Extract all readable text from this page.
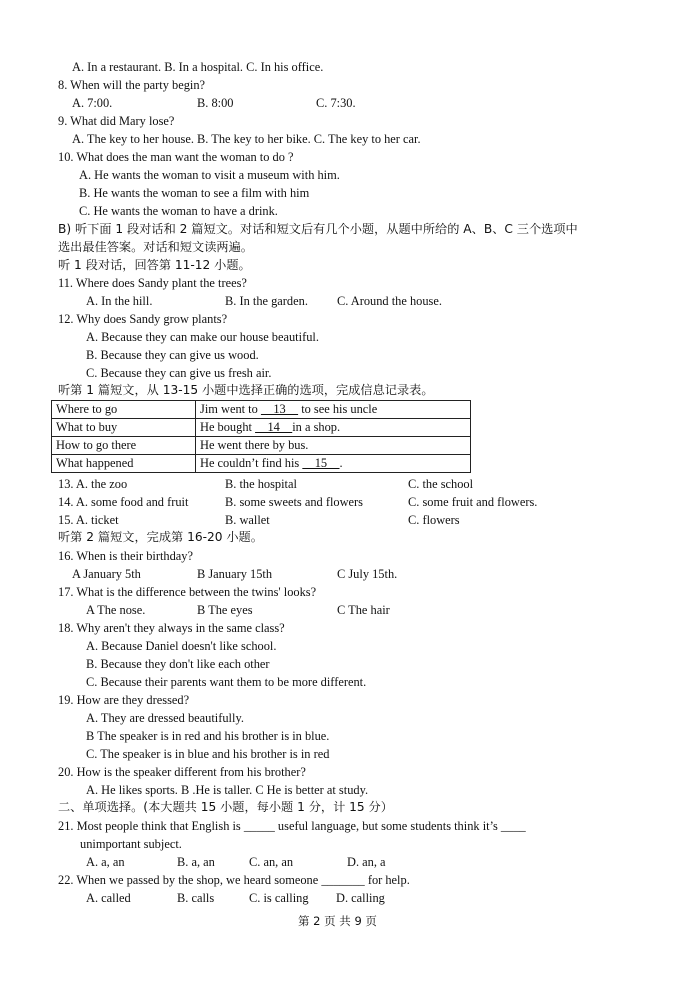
A. In a restaurant. B. In a hospital. C. In his office.
8. When will the party begin?
A. 7:00.	B. 8:00	C. 7:30.
9. What did Mary lose?
A. The key to her house. B. The key to her bike. C. The key to her car.
10. What does the man want the woman to do ?
A. He wants the woman to visit a museum with him.
B. He wants the woman to see a film with him
C. He wants the woman to have a drink.
B) 听下面 1 段对话和 2 篇短文。对话和短文后有几个小题，从题中所给的 A、B、C 三个选项中
选出最佳答案。对话和短文读两遍。
听 1 段对话，回答第 11-12 小题。
11. Where does Sandy plant the trees?
A. In the hill.	B. In the garden. C. Around the house.
12. Why does Sandy grow plants?
A. Because they can make our house beautiful.
B. Because they can give us wood.
C. Because they can give us fresh air.
听第 1 篇短文，从 13-15 小题中选择正确的选项，完成信息记录表。
Where to go	Jim went to     13     to see his uncle
What to buy	He bought     14    in a shop.
How to go there	He went there by bus.
What happened	He couldn’t find his     15    .
13. A. the zoo	B. the hospital	C. the school
14. A. some food and fruit	B. some sweets and flowers	C. some fruit and flowers.
15. A. ticket	B. wallet	C. flowers
听第 2 篇短文，完成第 16-20 小题。
16. When is their birthday?
A January 5th	B January 15th	C July 15th.
17. What is the difference between the twins' looks?
A The nose.	B The eyes	C The hair
18. Why aren't they always in the same class?
A. Because Daniel doesn't like school.
B. Because they don't like each other
C. Because their parents want them to be more different.
19. How are they dressed?
A. They are dressed beautifully.
B The speaker is in red and his brother is in blue.
C. The speaker is in blue and his brother is in red
20. How is the speaker different from his brother?
A. He likes sports. B .He is taller. C He is better at study.
二、单项选择。(本大题共 15 小题，每小题 1 分，计 15 分）
21. Most people think that English is _____ useful language, but some students think it’s ____
unimportant subject.
A. a, an	B. a, an	C. an, an	D. an, a
22. When we passed by the shop, we heard someone _______ for help.
A. called	B. calls	C. is calling D. calling
第 2 页 共 9 页
